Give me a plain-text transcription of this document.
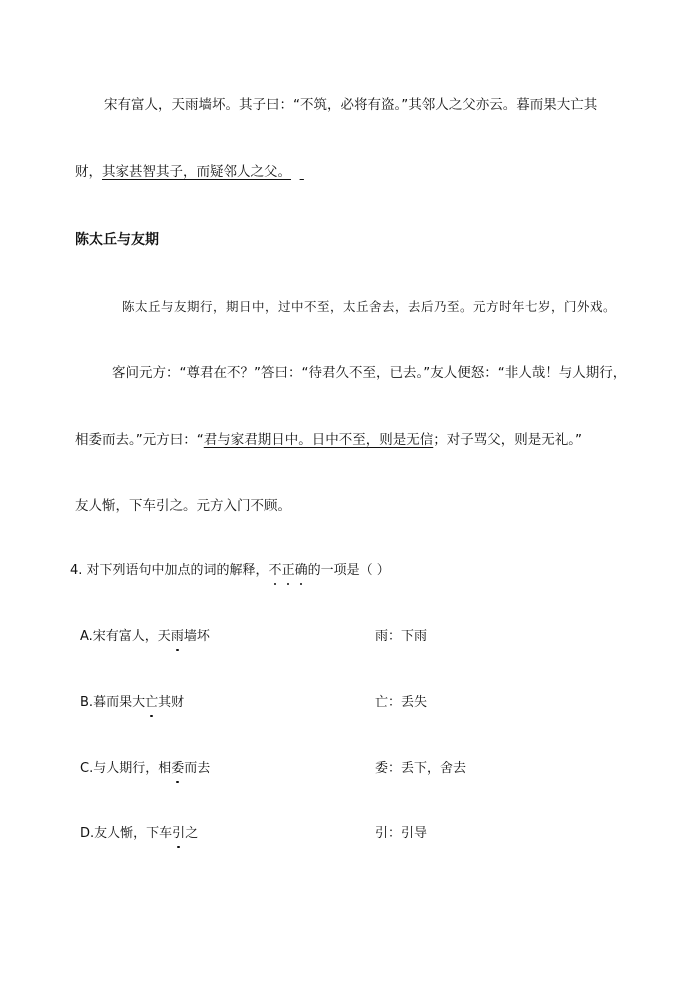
宋有富人，天雨墙坏。其子曰：“不筑，必将有盗。”其邻人之父亦云。暮而果大亡其
财，其家甚智其子，而疑邻人之父。
陈太丘与友期
陈太丘与友期行，期日中，过中不至，太丘舍去，去后乃至。元方时年七岁，门外戏。
客问元方：“尊君在不？”答曰：“待君久不至，已去。”友人便怒：“非人哉！与人期行，
相委而去。”元方曰：“君与家君期日中。日中不至，则是无信；对子骂父，则是无礼。”
友人惭，下车引之。元方入门不顾。
4. 对下列语句中加点的词的解释，不正确的一项是（ ）
A.宋有富人，天雨墙坏	雨：下雨
B.暮而果大亡其财	亡：丢失
C.与人期行，相委而去	委：丢下，舍去
D.友人惭，下车引之	引：引导
